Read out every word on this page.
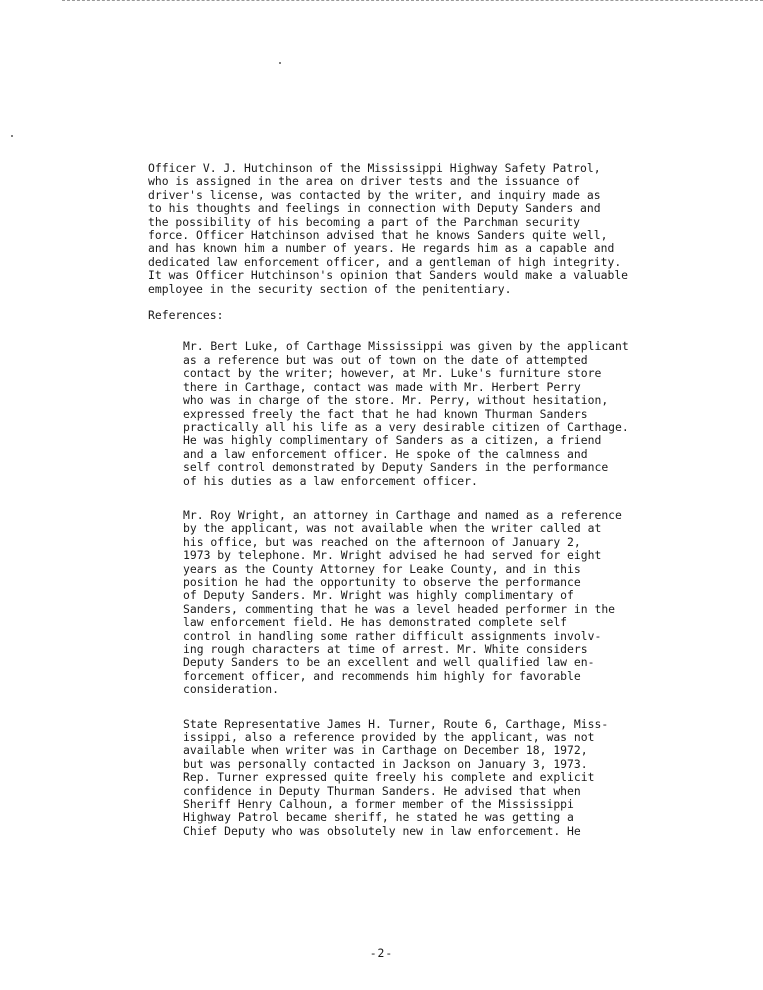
Officer V. J. Hutchinson of the Mississippi Highway Safety Patrol,
who is assigned in the area on driver tests and the issuance of
driver's license, was contacted by the writer, and inquiry made as
to his thoughts and feelings in connection with Deputy Sanders and
the possibility of his becoming a part of the Parchman security
force. Officer Hatchinson advised that he knows Sanders quite well,
and has known him a number of years. He regards him as a capable and
dedicated law enforcement officer, and a gentleman of high integrity.
It was Officer Hutchinson's opinion that Sanders would make a valuable
employee in the security section of the penitentiary.

References:

Mr. Bert Luke, of Carthage Mississippi was given by the applicant
as a reference but was out of town on the date of attempted
contact by the writer; however, at Mr. Luke's furniture store
there in Carthage, contact was made with Mr. Herbert Perry
who was in charge of the store. Mr. Perry, without hesitation,
expressed freely the fact that he had known Thurman Sanders
practically all his life as a very desirable citizen of Carthage.
He was highly complimentary of Sanders as a citizen, a friend
and a law enforcement officer. He spoke of the calmness and
self control demonstrated by Deputy Sanders in the performance
of his duties as a law enforcement officer.

Mr. Roy Wright, an attorney in Carthage and named as a reference
by the applicant, was not available when the writer called at
his office, but was reached on the afternoon of January 2,
1973 by telephone. Mr. Wright advised he had served for eight
years as the County Attorney for Leake County, and in this
position he had the opportunity to observe the performance
of Deputy Sanders. Mr. Wright was highly complimentary of
Sanders, commenting that he was a level headed performer in the
law enforcement field. He has demonstrated complete self
control in handling some rather difficult assignments involv-
ing rough characters at time of arrest. Mr. White considers
Deputy Sanders to be an excellent and well qualified law en-
forcement officer, and recommends him highly for favorable
consideration.

State Representative James H. Turner, Route 6, Carthage, Miss-
issippi, also a reference provided by the applicant, was not
available when writer was in Carthage on December 18, 1972,
but was personally contacted in Jackson on January 3, 1973.
Rep. Turner expressed quite freely his complete and explicit
confidence in Deputy Thurman Sanders. He advised that when
Sheriff Henry Calhoun, a former member of the Mississippi
Highway Patrol became sheriff, he stated he was getting a
Chief Deputy who was obsolutely new in law enforcement. He

-2-
